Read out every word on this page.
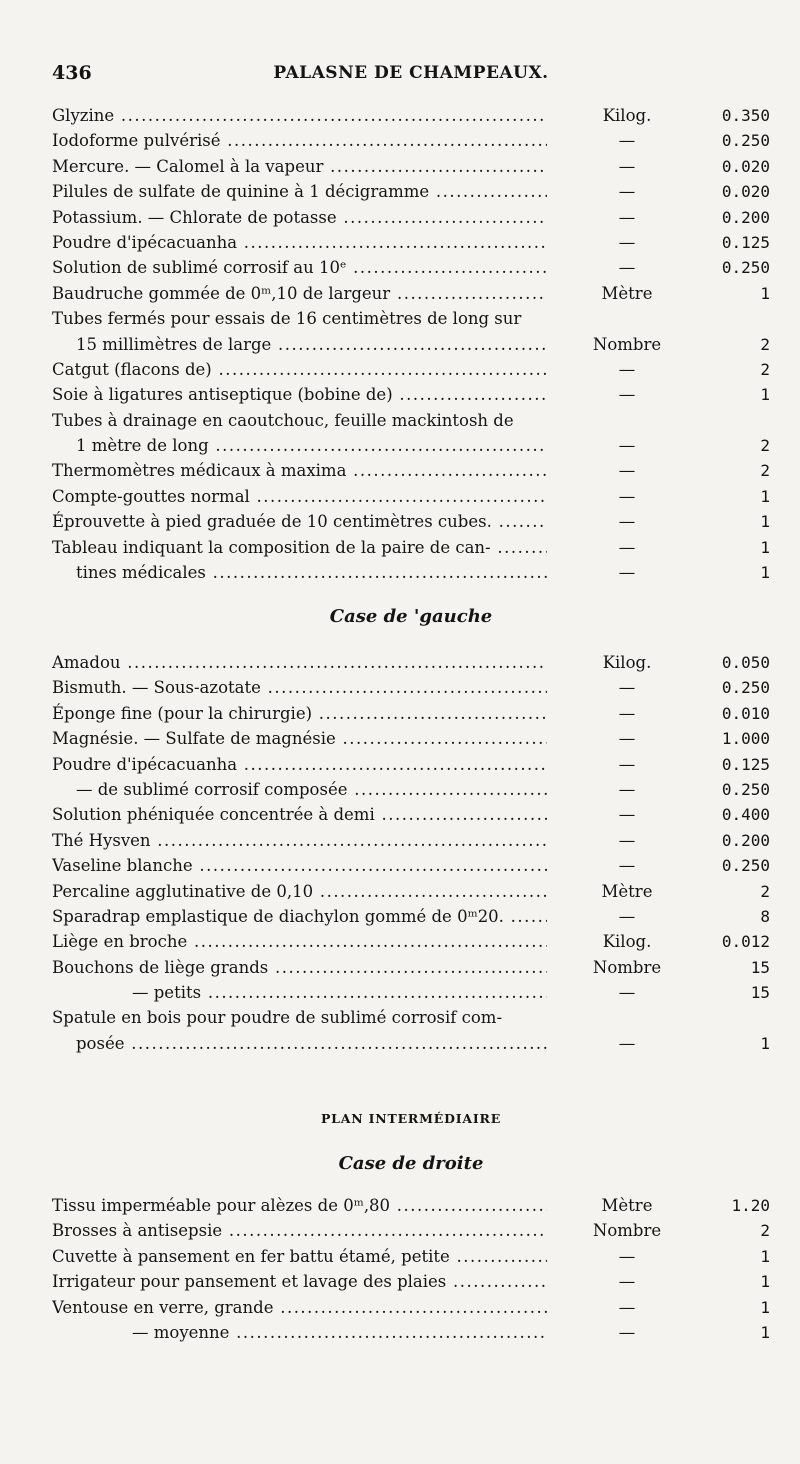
436	PALASNE DE CHAMPEAUX.
Glyzine .....	Kilog.	0.350
Iodoforme pulvérisé .....	—	0.250
Mercure. — Calomel à la vapeur .....	—	0.020
Pilules de sulfate de quinine à 1 décigramme .....	—	0.020
Potassium. — Chlorate de potasse .....	—	0.200
Poudre d'ipécacuanha .....	—	0.125
Solution de sublimé corrosif au 10ᵉ .....	—	0.250
Baudruche gommée de 0ᵐ,10 de largeur .....	Mètre	1
Tubes fermés pour essais de 16 centimètres de long sur
15 millimètres de large .....	Nombre	2
Catgut (flacons de) .....	—	2
Soie à ligatures antiseptique (bobine de) .....	—	1
Tubes à drainage en caoutchouc, feuille mackintosh de
1 mètre de long .....	—	2
Thermomètres médicaux à maxima .....	—	2
Compte-gouttes normal .....	—	1
Éprouvette à pied graduée de 10 centimètres cubes. .....	—	1
Tableau indiquant la composition de la paire de can- .....	—	1
tines médicales .....	—	1
Case de 'gauche
Amadou .....	Kilog.	0.050
Bismuth. — Sous-azotate .....	—	0.250
Éponge fine (pour la chirurgie) .....	—	0.010
Magnésie. — Sulfate de magnésie .....	—	1.000
Poudre d'ipécacuanha .....	—	0.125
— de sublimé corrosif composée .....	—	0.250
Solution phéniquée concentrée à demi .....	—	0.400
Thé Hysven .....	—	0.200
Vaseline blanche .....	—	0.250
Percaline agglutinative de 0,10 .....	Mètre	2
Sparadrap emplastique de diachylon gommé de 0ᵐ20. .....	—	8
Liège en broche .....	Kilog.	0.012
Bouchons de liège grands .....	Nombre	15
— petits .....	—	15
Spatule en bois pour poudre de sublimé corrosif com-
posée .....	—	1
PLAN INTERMÉDIAIRE
Case de droite
Tissu imperméable pour alèzes de 0ᵐ,80 .....	Mètre	1.20
Brosses à antisepsie .....	Nombre	2
Cuvette à pansement en fer battu étamé, petite .....	—	1
Irrigateur pour pansement et lavage des plaies .....	—	1
Ventouse en verre, grande .....	—	1
— moyenne .....	—	1
